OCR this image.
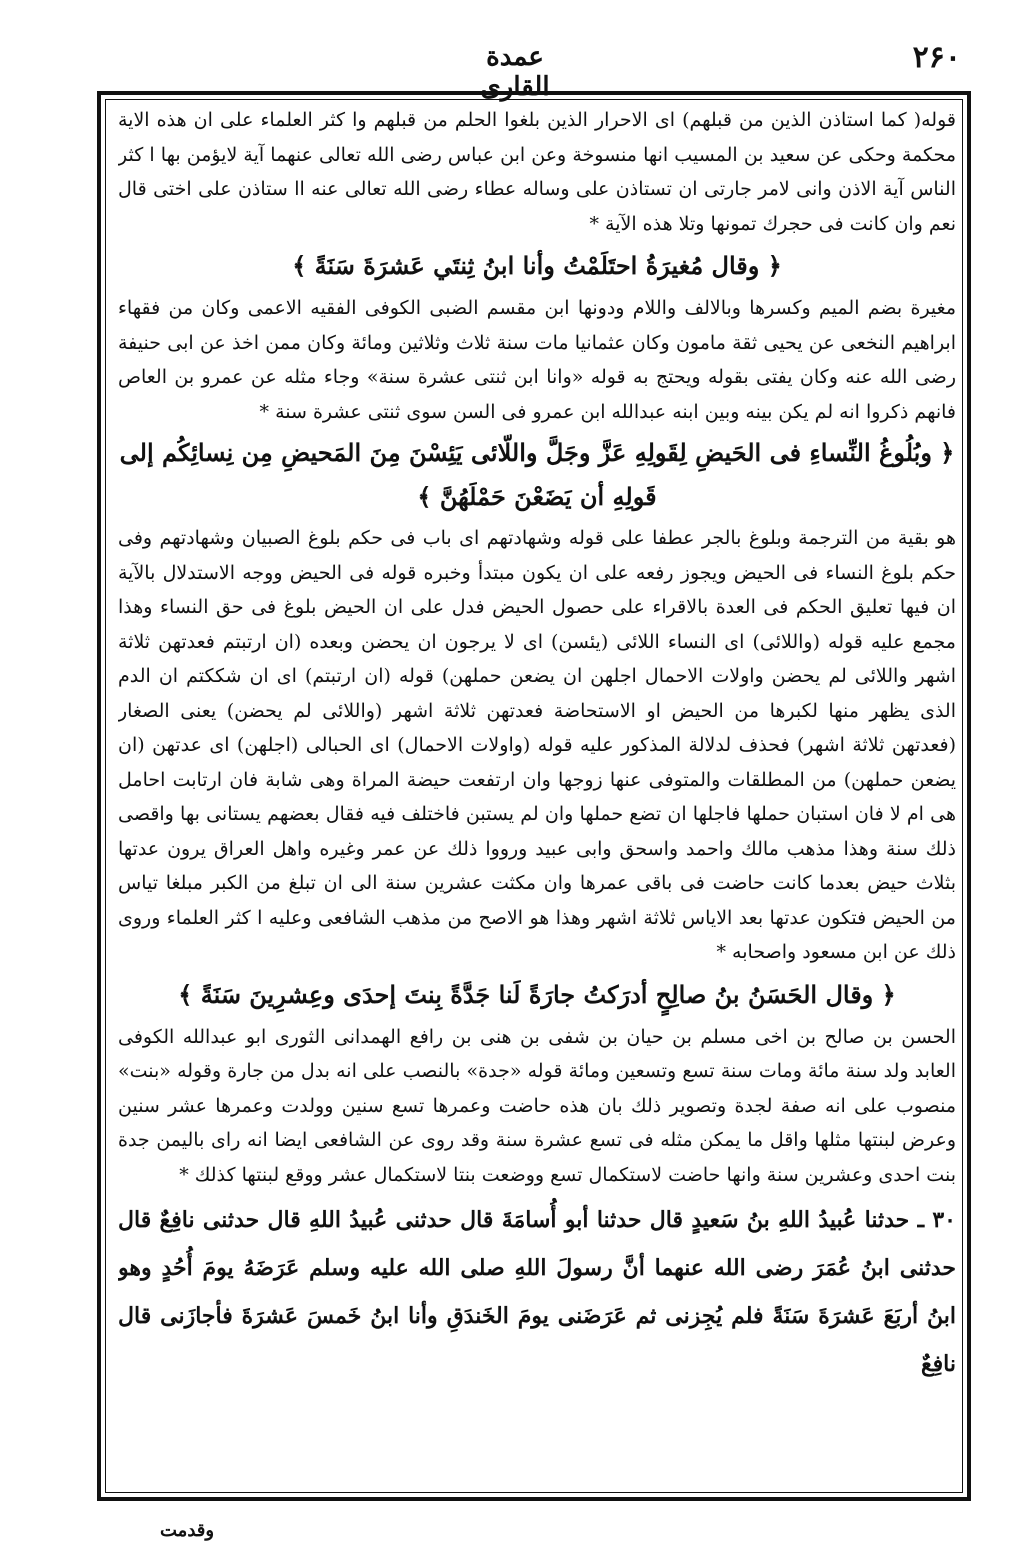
عمدة القاری
۲۶۰

قوله( كما استاذن الذين من قبلهم) ای الاحرار الذين بلغوا الحلم من قبلهم وا كثر العلماء على ان هذه الاية محكمة وحكی عن سعيد بن المسيب انها منسوخة وعن ابن عباس رضی الله تعالى عنهما آية لايؤمن بها ا كثر الناس آية الاذن وانی لامر جارتی ان تستاذن علی وساله عطاء رضی الله تعالى عنه اا ستاذن علی اختی قال نعم وان كانت فی حجرك تمونها وتلا هذه الآية *

﴿ وقال مُغيرَةُ احتَلَمْتُ وأنا ابنُ ثِنتَي عَشرَةَ سَنَةً ﴾

مغيرة بضم الميم وكسرها وبالالف واللام ودونها ابن مقسم الضبی الكوفی الفقيه الاعمی وكان من فقهاء ابراهيم النخعی عن يحيی ثقة مامون وكان عثمانيا مات سنة ثلاث وثلاثين ومائة وكان ممن اخذ عن ابی حنيفة رضی الله عنه وكان يفتی بقوله ويحتج به قوله «وانا ابن ثنتی عشرة سنة» وجاء مثله عن عمرو بن العاص فانهم ذكروا انه لم يكن بينه وبين ابنه عبدالله ابن عمرو فی السن سوی ثنتی عشرة سنة *

﴿ وبُلُوغُ النِّساءِ فی الحَيضِ لِقَولِهِ عَزَّ وجَلَّ واللّائی يَئِسْنَ مِنَ المَحيضِ مِن نِسائِكُم إلی قَولِهِ أن يَضَعْنَ حَمْلَهُنَّ ﴾

هو بقية من الترجمة وبلوغ بالجر عطفا علی قوله وشهادتهم ای باب فی حكم بلوغ الصبيان وشهادتهم وفی حكم بلوغ النساء فی الحيض ويجوز رفعه علی ان يكون مبتدأ وخبره قوله فی الحيض ووجه الاستدلال بالآية ان فيها تعليق الحكم فی العدة بالاقراء علی حصول الحيض فدل علی ان الحيض بلوغ فی حق النساء وهذا مجمع عليه قوله (واللائی) ای النساء اللائی (يئسن) ای لا يرجون ان يحضن وبعده (ان ارتبتم فعدتهن ثلاثة اشهر واللائی لم يحضن واولات الاحمال اجلهن ان يضعن حملهن) قوله (ان ارتبتم) ای ان شككتم ان الدم الذی يظهر منها لكبرها من الحيض او الاستحاضة فعدتهن ثلاثة اشهر (واللائی لم يحضن) يعنی الصغار (فعدتهن ثلاثة اشهر) فحذف لدلالة المذكور عليه قوله (واولات الاحمال) ای الحبالی (اجلهن) ای عدتهن (ان يضعن حملهن) من المطلقات والمتوفی عنها زوجها وان ارتفعت حيضة المراة وهی شابة فان ارتابت احامل هی ام لا فان استبان حملها فاجلها ان تضع حملها وان لم يستبن فاختلف فيه فقال بعضهم يستانی بها واقصی ذلك سنة وهذا مذهب مالك واحمد واسحق وابی عبيد ورووا ذلك عن عمر وغيره واهل العراق يرون عدتها بثلاث حيض بعدما كانت حاضت فی باقی عمرها وان مكثت عشرين سنة الی ان تبلغ من الكبر مبلغا تياس من الحيض فتكون عدتها بعد الاياس ثلاثة اشهر وهذا هو الاصح من مذهب الشافعی وعليه ا كثر العلماء وروی ذلك عن ابن مسعود واصحابه *

﴿ وقال الحَسَنُ بنُ صالِحٍ أدرَكتُ جارَةً لَنا جَدَّةً بِنتَ إحدَى وعِشرِينَ سَنَةً ﴾

الحسن بن صالح بن اخی مسلم بن حيان بن شفی بن هنی بن رافع الهمدانی الثوری ابو عبدالله الكوفی العابد ولد سنة مائة ومات سنة تسع وتسعين ومائة قوله «جدة» بالنصب علی انه بدل من جارة وقوله «بنت» منصوب علی انه صفة لجدة وتصوير ذلك بان هذه حاضت وعمرها تسع سنين وولدت وعمرها عشر سنين وعرض لبنتها مثلها واقل ما يمكن مثله فی تسع عشرة سنة وقد روی عن الشافعی ايضا انه رای باليمن جدة بنت احدی وعشرين سنة وانها حاضت لاستكمال تسع ووضعت بنتا لاستكمال عشر ووقع لبنتها كذلك *

٣٠ ـ حدثنا عُبيدُ اللهِ بنُ سَعيدٍ قال حدثنا أبو أُسامَةَ قال حدثنی عُبيدُ اللهِ قال حدثنی نافِعٌ قال حدثنی ابنُ عُمَرَ رضی الله عنهما أنَّ رسولَ اللهِ صلی الله عليه وسلم عَرَضَهُ يومَ أُحُدٍ وهو ابنُ أربَعَ عَشرَةَ سَنَةً فلم يُجِزنی ثم عَرَضَنی يومَ الخَندَقِ وأنا ابنُ خَمسَ عَشرَةَ فأجازَنی قال نافِعٌ

وقدمت
